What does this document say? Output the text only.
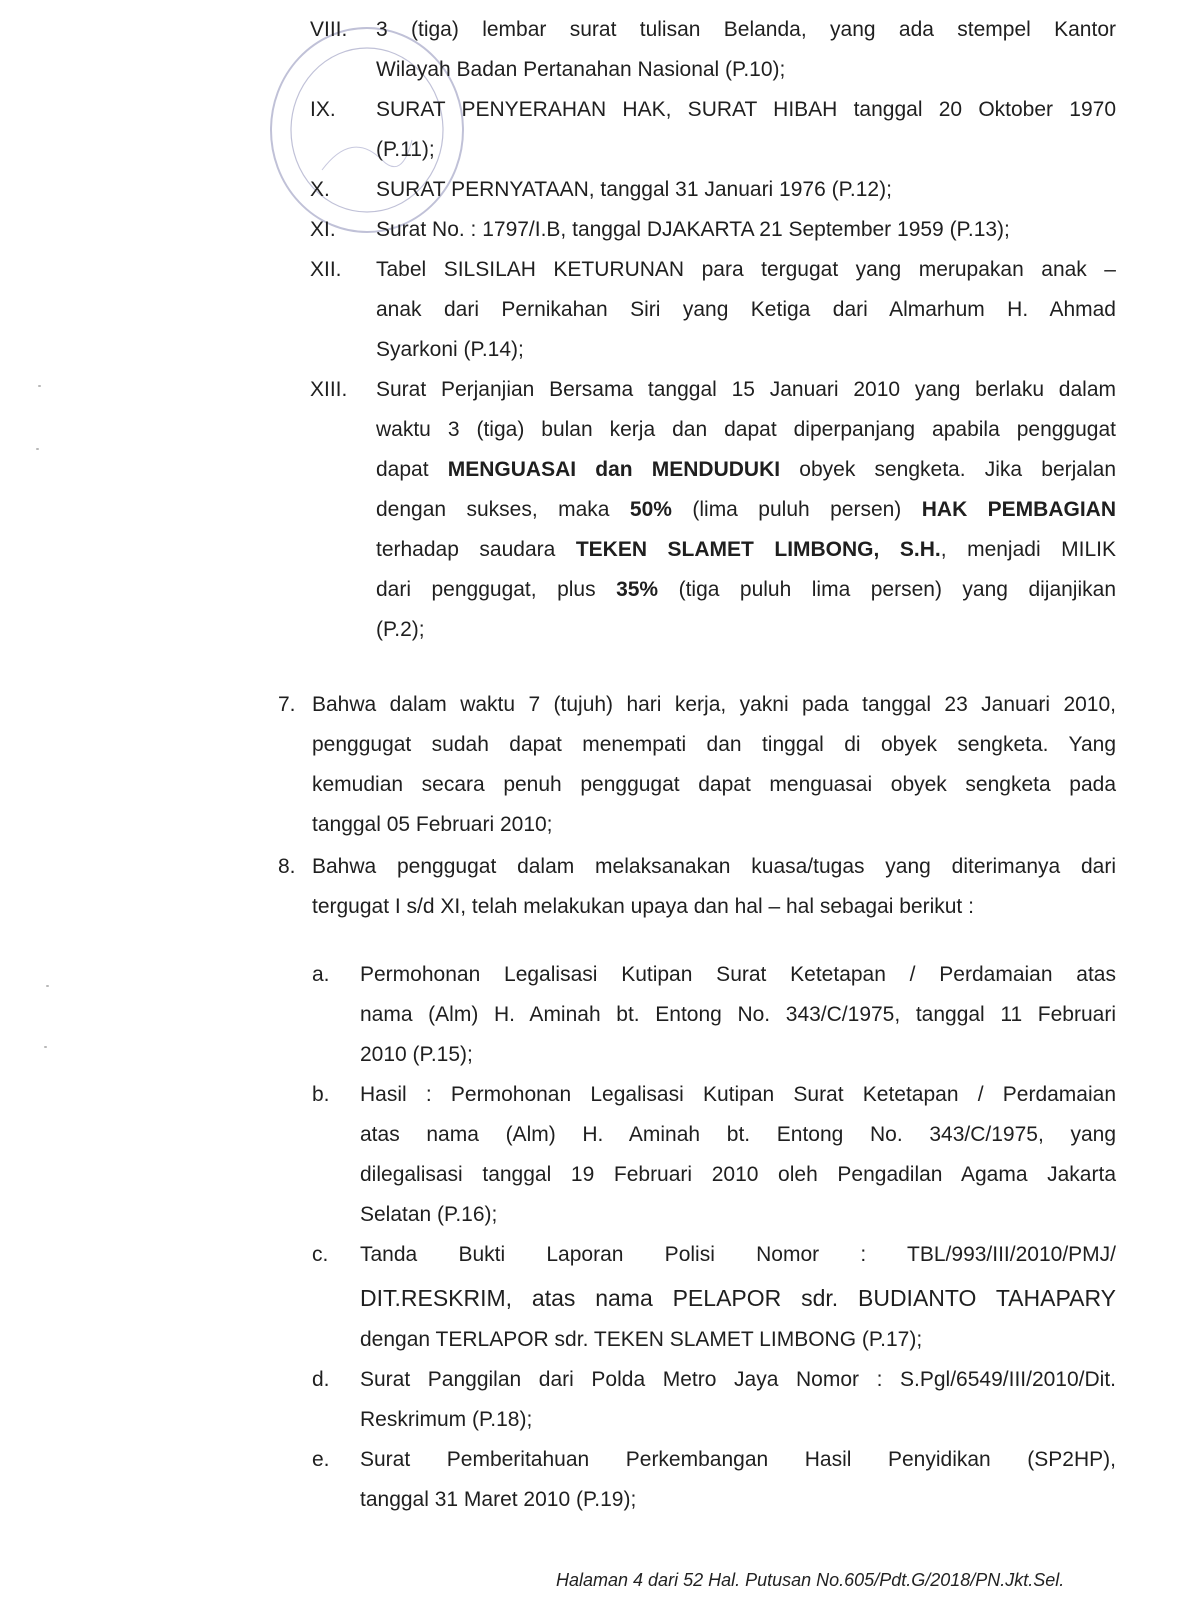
VIII. 3 (tiga) lembar surat tulisan Belanda, yang ada stempel Kantor
Wilayah Badan Pertanahan Nasional (P.10);
IX. SURAT PENYERAHAN HAK, SURAT HIBAH tanggal 20 Oktober 1970
(P.11);
X. SURAT PERNYATAAN, tanggal 31 Januari 1976 (P.12);
XI. Surat No. : 1797/I.B, tanggal DJAKARTA 21 September 1959 (P.13);
XII. Tabel SILSILAH KETURUNAN para tergugat yang merupakan anak –
anak dari Pernikahan Siri yang Ketiga dari Almarhum H. Ahmad
Syarkoni (P.14);
XIII. Surat Perjanjian Bersama tanggal 15 Januari 2010 yang berlaku dalam
waktu 3 (tiga) bulan kerja dan dapat diperpanjang apabila penggugat
dapat MENGUASAI dan MENDUDUKI obyek sengketa. Jika berjalan
dengan sukses, maka 50% (lima puluh persen) HAK PEMBAGIAN
terhadap saudara TEKEN SLAMET LIMBONG, S.H., menjadi MILIK
dari penggugat, plus 35% (tiga puluh lima persen) yang dijanjikan
(P.2);
7. Bahwa dalam waktu 7 (tujuh) hari kerja, yakni pada tanggal 23 Januari 2010,
penggugat sudah dapat menempati dan tinggal di obyek sengketa. Yang
kemudian secara penuh penggugat dapat menguasai obyek sengketa pada
tanggal 05 Februari 2010;
8. Bahwa penggugat dalam melaksanakan kuasa/tugas yang diterimanya dari
tergugat I s/d XI, telah melakukan upaya dan hal – hal sebagai berikut :
a. Permohonan Legalisasi Kutipan Surat Ketetapan / Perdamaian atas
nama (Alm) H. Aminah bt. Entong No. 343/C/1975, tanggal 11 Februari
2010 (P.15);
b. Hasil : Permohonan Legalisasi Kutipan Surat Ketetapan / Perdamaian
atas nama (Alm) H. Aminah bt. Entong No. 343/C/1975, yang
dilegalisasi tanggal 19 Februari 2010 oleh Pengadilan Agama Jakarta
Selatan (P.16);
c. Tanda Bukti Laporan Polisi Nomor : TBL/993/III/2010/PMJ/
DIT.RESKRIM, atas nama PELAPOR sdr. BUDIANTO TAHAPARY
dengan TERLAPOR sdr. TEKEN SLAMET LIMBONG (P.17);
d. Surat Panggilan dari Polda Metro Jaya Nomor : S.Pgl/6549/III/2010/Dit.
Reskrimum (P.18);
e. Surat Pemberitahuan Perkembangan Hasil Penyidikan (SP2HP),
tanggal 31 Maret 2010 (P.19);
Halaman 4 dari 52 Hal. Putusan No.605/Pdt.G/2018/PN.Jkt.Sel.
